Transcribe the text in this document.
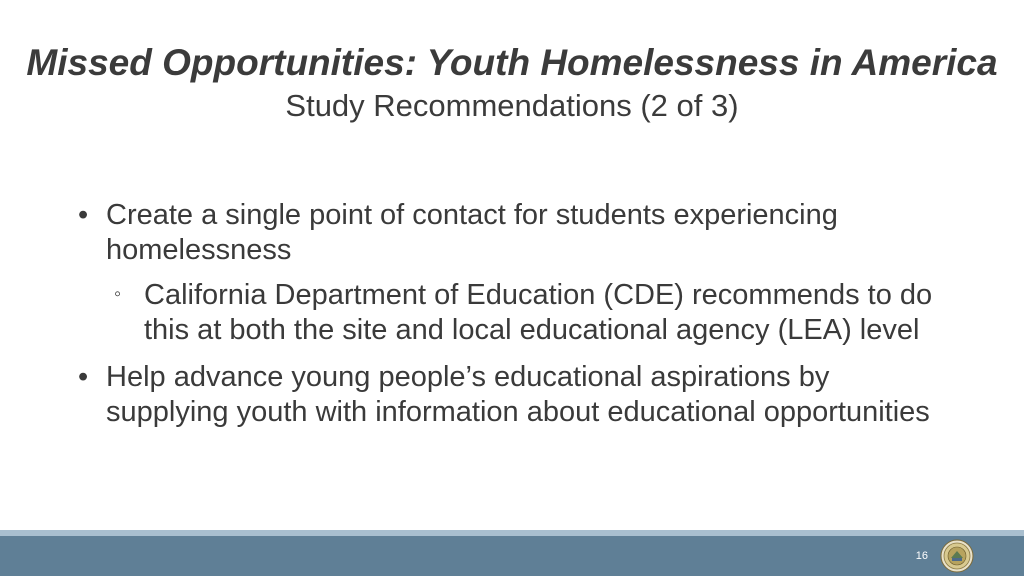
Missed Opportunities: Youth Homelessness in America

Study Recommendations (2 of 3)

• Create a single point of contact for students experiencing homelessness

◦ California Department of Education (CDE) recommends to do this at both the site and local educational agency (LEA) level

• Help advance young people’s educational aspirations by supplying youth with information about educational opportunities

16
